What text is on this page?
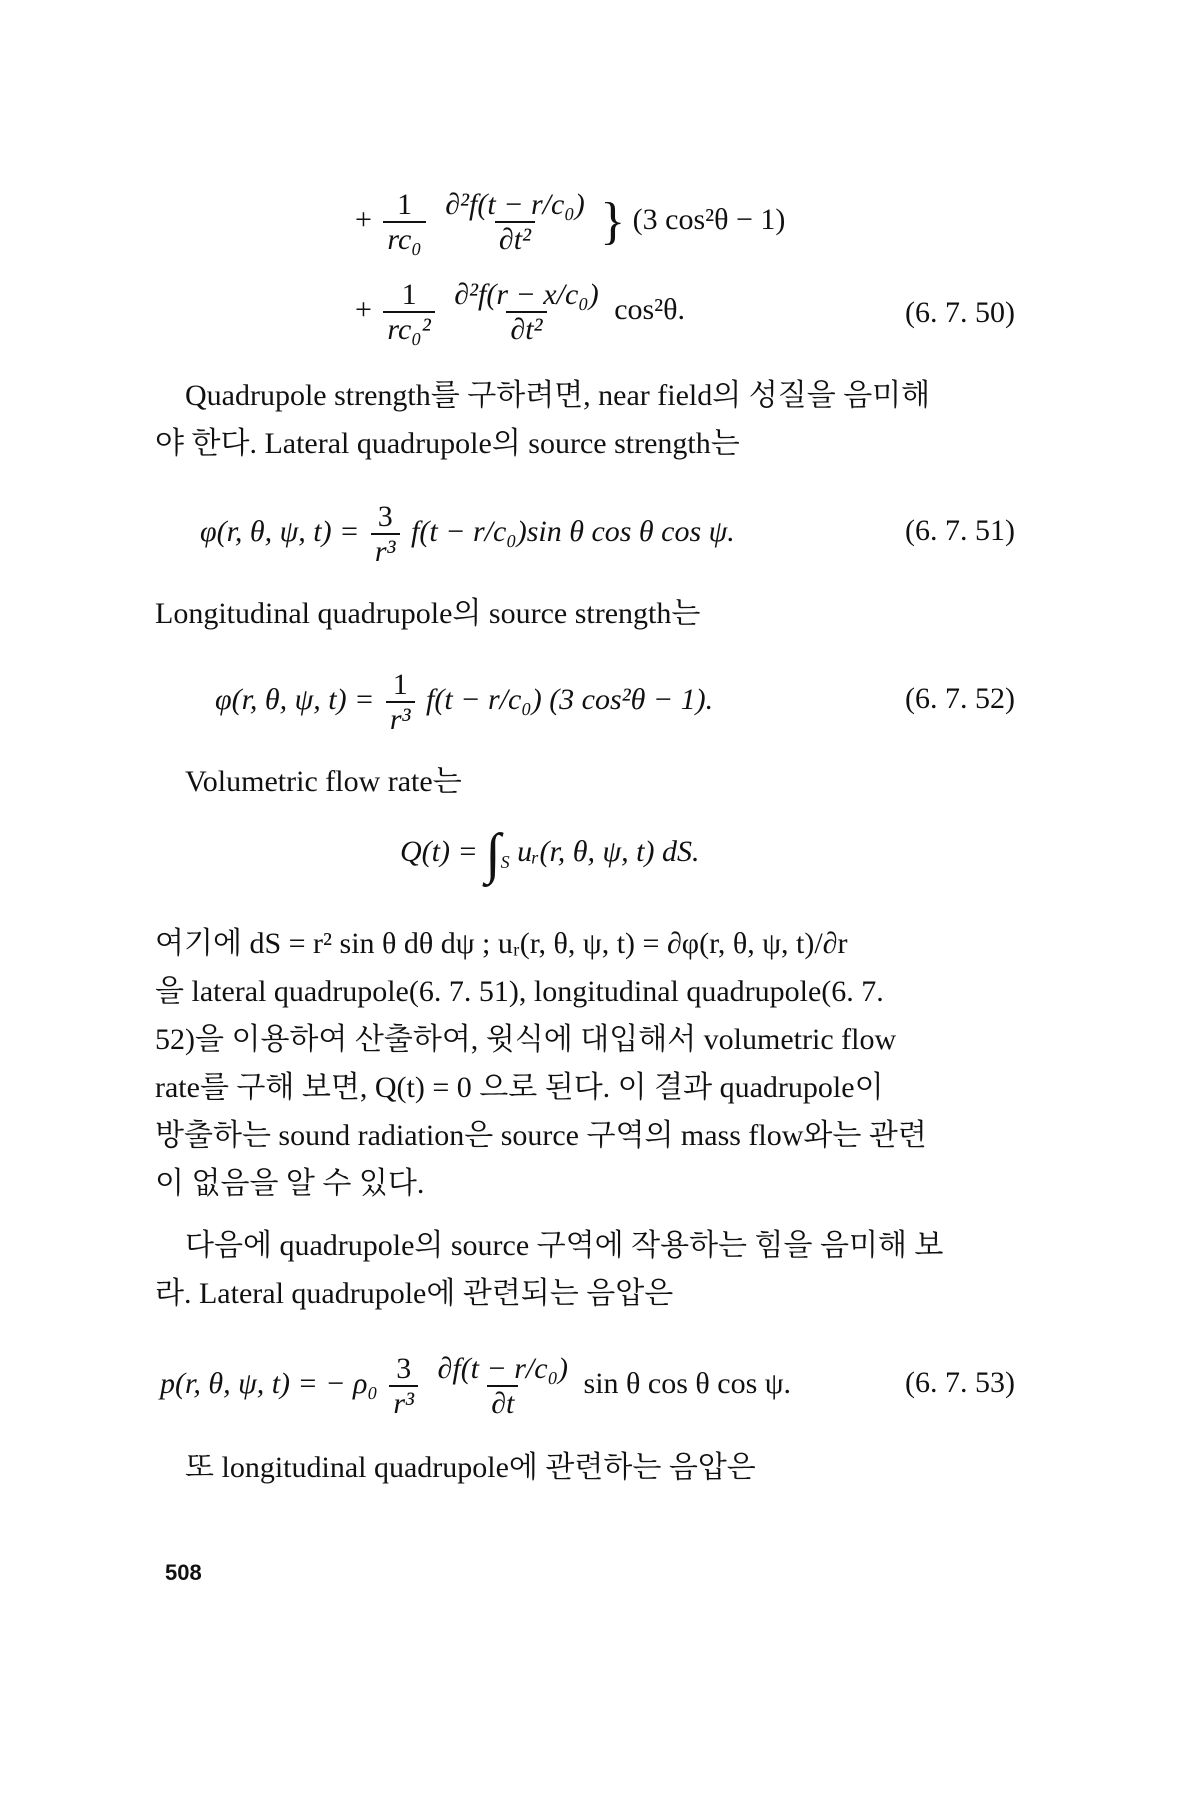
+ $\frac{1}{\text{rc₀}}$
$\frac{\text{∂²f(t − r/c₀)}}{\text{∂t²}}$ } (3 cos²θ − 1)
+ $\frac{1}{\text{rc₀²}}$
$\frac{\text{∂²f(r − x/c₀)}}{\text{∂t²}} \cos^2\theta$.	(6. 7. 50)
Quadrupole strength를 구하려면, near field의 성질을 음미해
야 한다. Lateral quadrupole의 source strength는
φ(r, θ, ψ, $t) = \frac{3}{\text{r³}} f(t - r/c_0)\sin$ θ cos θ cos ψ.	(6. 7. 51)
Longitudinal quadrupole의 source strength는
φ(r, θ, ψ, $t) = \frac{1}{\text{r³}} f(t - r/c_0)$ (3 cos²θ − 1).	(6. 7. 52)
Volumetric flow rate는
$Q(t) = \int_S$ uᵣ(r, θ, ψ, t) dS.
여기에 dS = r² sin θ dθ dψ ; uᵣ(r, θ, ψ, t) = ∂φ(r, θ, ψ, t)/∂r
을 lateral quadrupole(6. 7. 51), longitudinal quadrupole(6. 7.
52)을 이용하여 산출하여, 윗식에 대입해서 volumetric flow
rate를 구해 보면, Q(t) = 0 으로 된다. 이 결과 quadrupole이
방출하는 sound radiation은 source 구역의 mass flow와는 관련
이 없음을 알 수 있다.
다음에 quadrupole의 source 구역에 작용하는 힘을 음미해 보
라. Lateral quadrupole에 관련되는 음압은
p(r, θ, ψ, t) = − $\rho_0 \frac{3}{\text{r³}}$
$\frac{\text{∂f(t − r/c₀)}}{\partial t}$ sin θ cos θ cos ψ.	(6. 7. 53)
또 longitudinal quadrupole에 관련하는 음압은
508
